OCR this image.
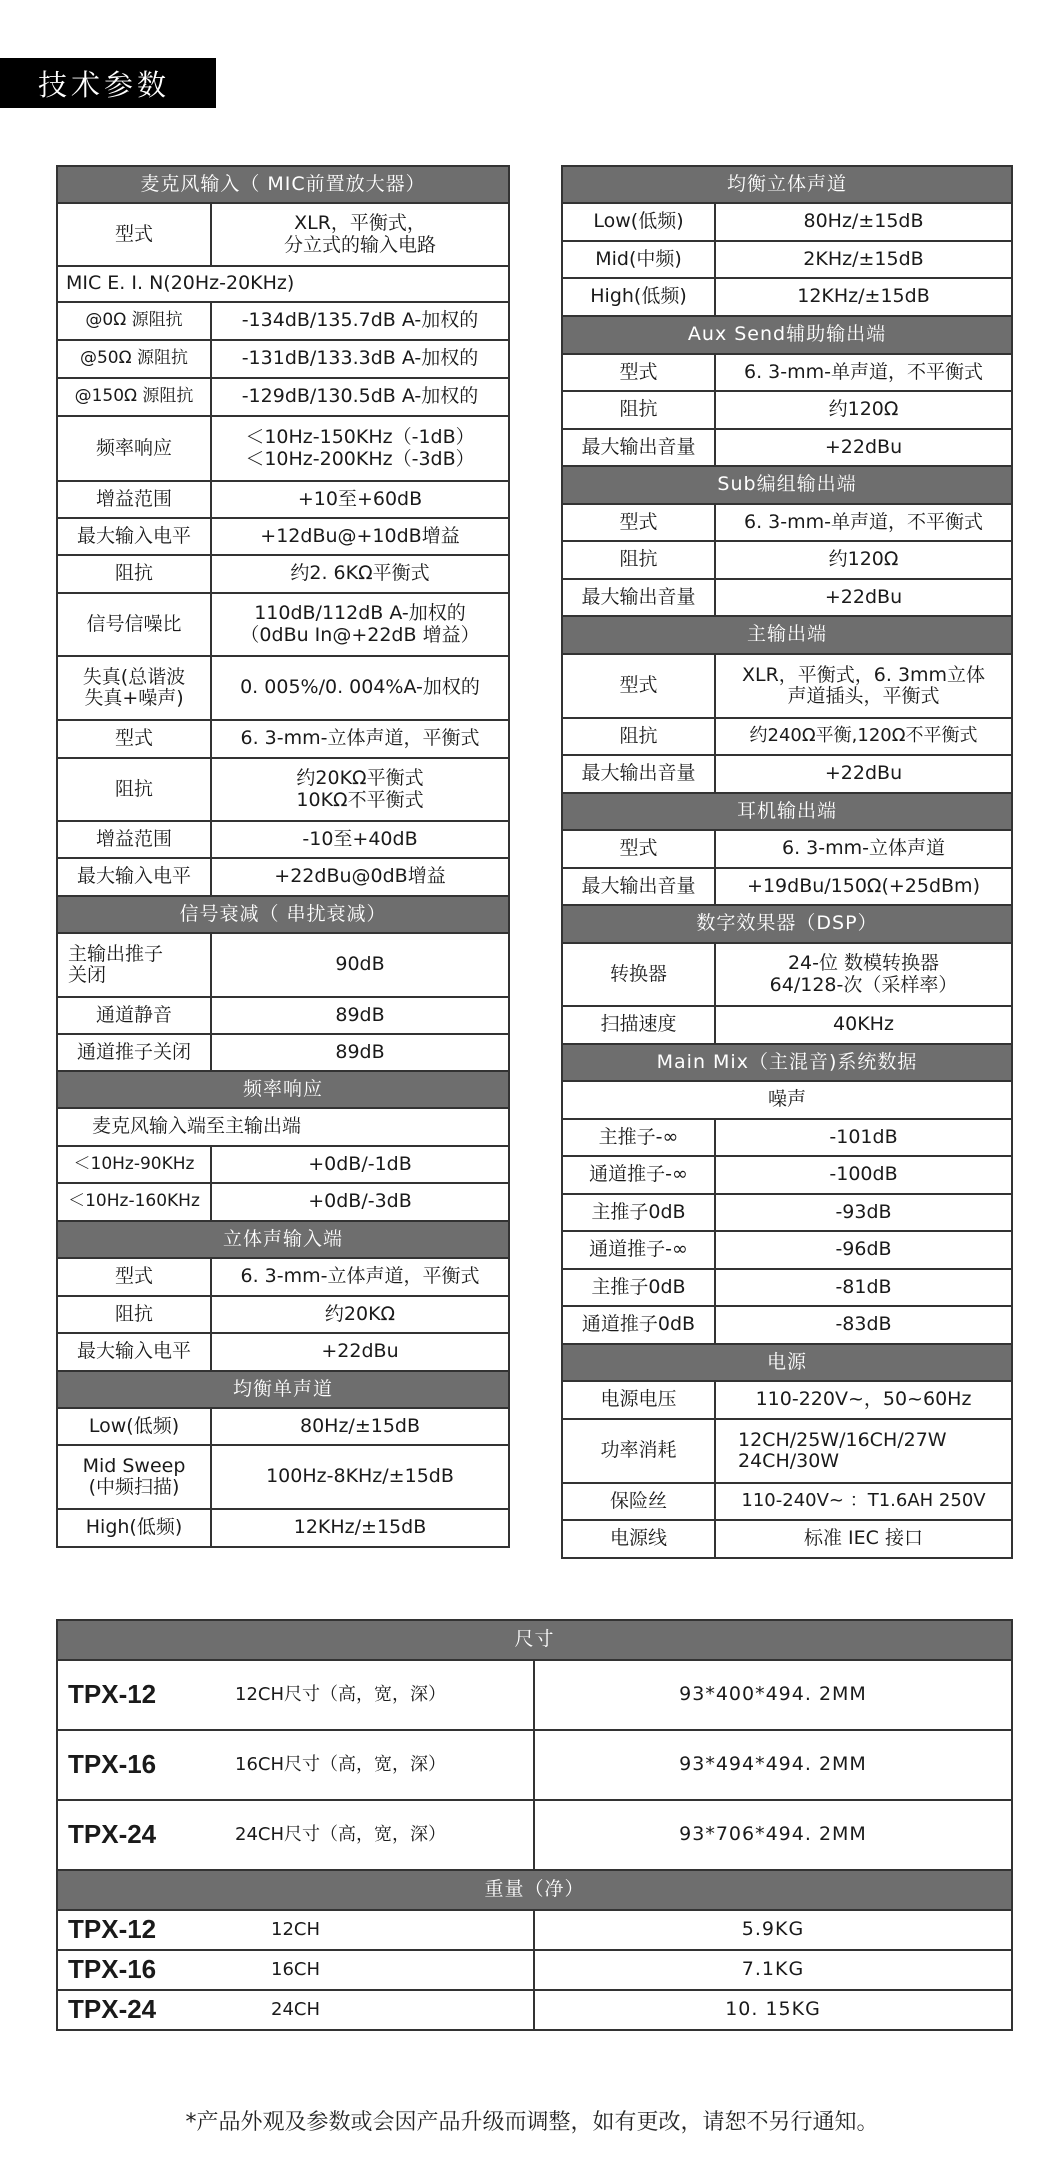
技术参数
麦克风输入（ MIC前置放大器）	
型式	XLR，平衡式，
分立式的输入电路
MIC E. I. N(20Hz-20KHz)	
@0Ω 源阻抗	-134dB/135.7dB A-加权的
@50Ω 源阻抗	-131dB/133.3dB A-加权的
@150Ω 源阻抗	-129dB/130.5dB A-加权的
频率响应	＜10Hz-150KHz（-1dB）
＜10Hz-200KHz（-3dB）
增益范围	+10至+60dB
最大输入电平	+12dBu@+10dB增益
阻抗	约2. 6KΩ平衡式
信号信噪比	110dB/112dB A-加权的
（0dBu In@+22dB 增益）
失真(总谐波
失真+噪声)	0. 005%/0. 004%A-加权的
型式	6. 3-mm-立体声道，平衡式
阻抗	约20KΩ平衡式
10KΩ不平衡式
增益范围	-10至+40dB
最大输入电平	+22dBu@0dB增益
信号衰减（ 串扰衰减）	
主输出推子
关闭	90dB
通道静音	89dB
通道推子关闭	89dB
频率响应	
麦克风输入端至主输出端	
＜10Hz-90KHz	+0dB/-1dB
＜10Hz-160KHz	+0dB/-3dB
立体声输入端	
型式	6. 3-mm-立体声道，平衡式
阻抗	约20KΩ
最大输入电平	+22dBu
均衡单声道	
Low(低频)	80Hz/±15dB
Mid Sweep
(中频扫描)	100Hz-8KHz/±15dB
High(低频)	12KHz/±15dB
均衡立体声道	
Low(低频)	80Hz/±15dB
Mid(中频)	2KHz/±15dB
High(低频)	12KHz/±15dB
Aux Send辅助输出端	
型式	6. 3-mm-单声道，不平衡式
阻抗	约120Ω
最大输出音量	+22dBu
Sub编组输出端	
型式	6. 3-mm-单声道，不平衡式
阻抗	约120Ω
最大输出音量	+22dBu
主输出端	
型式	XLR，平衡式，6. 3mm立体
声道插头，平衡式
阻抗	约240Ω平衡,120Ω不平衡式
最大输出音量	+22dBu
耳机输出端	
型式	6. 3-mm-立体声道
最大输出音量	+19dBu/150Ω(+25dBm)
数字效果器（DSP）	
转换器	24-位 数模转换器
64/128-次（采样率）
扫描速度	40KHz
Main Mix（主混音)系统数据	
噪声	
主推子-∞	-101dB
通道推子-∞	-100dB
主推子0dB	-93dB
通道推子-∞	-96dB
主推子0dB	-81dB
通道推子0dB	-83dB
电源	
电源电压	110-220V~，50~60Hz
功率消耗	12CH/25W/16CH/27W
24CH/30W
保险丝	110-240V~ ：T1.6AH 250V
电源线	标准 IEC 接口
尺寸		
TPX-12	12CH尺寸（高，宽，深）	93*400*494. 2MM
TPX-16	16CH尺寸（高，宽，深）	93*494*494. 2MM
TPX-24	24CH尺寸（高，宽，深）	93*706*494. 2MM
重量（净）		
TPX-12	12CH	5.9KG
TPX-16	16CH	7.1KG
TPX-24	24CH	10. 15KG
*产品外观及参数或会因产品升级而调整，如有更改，请恕不另行通知。
